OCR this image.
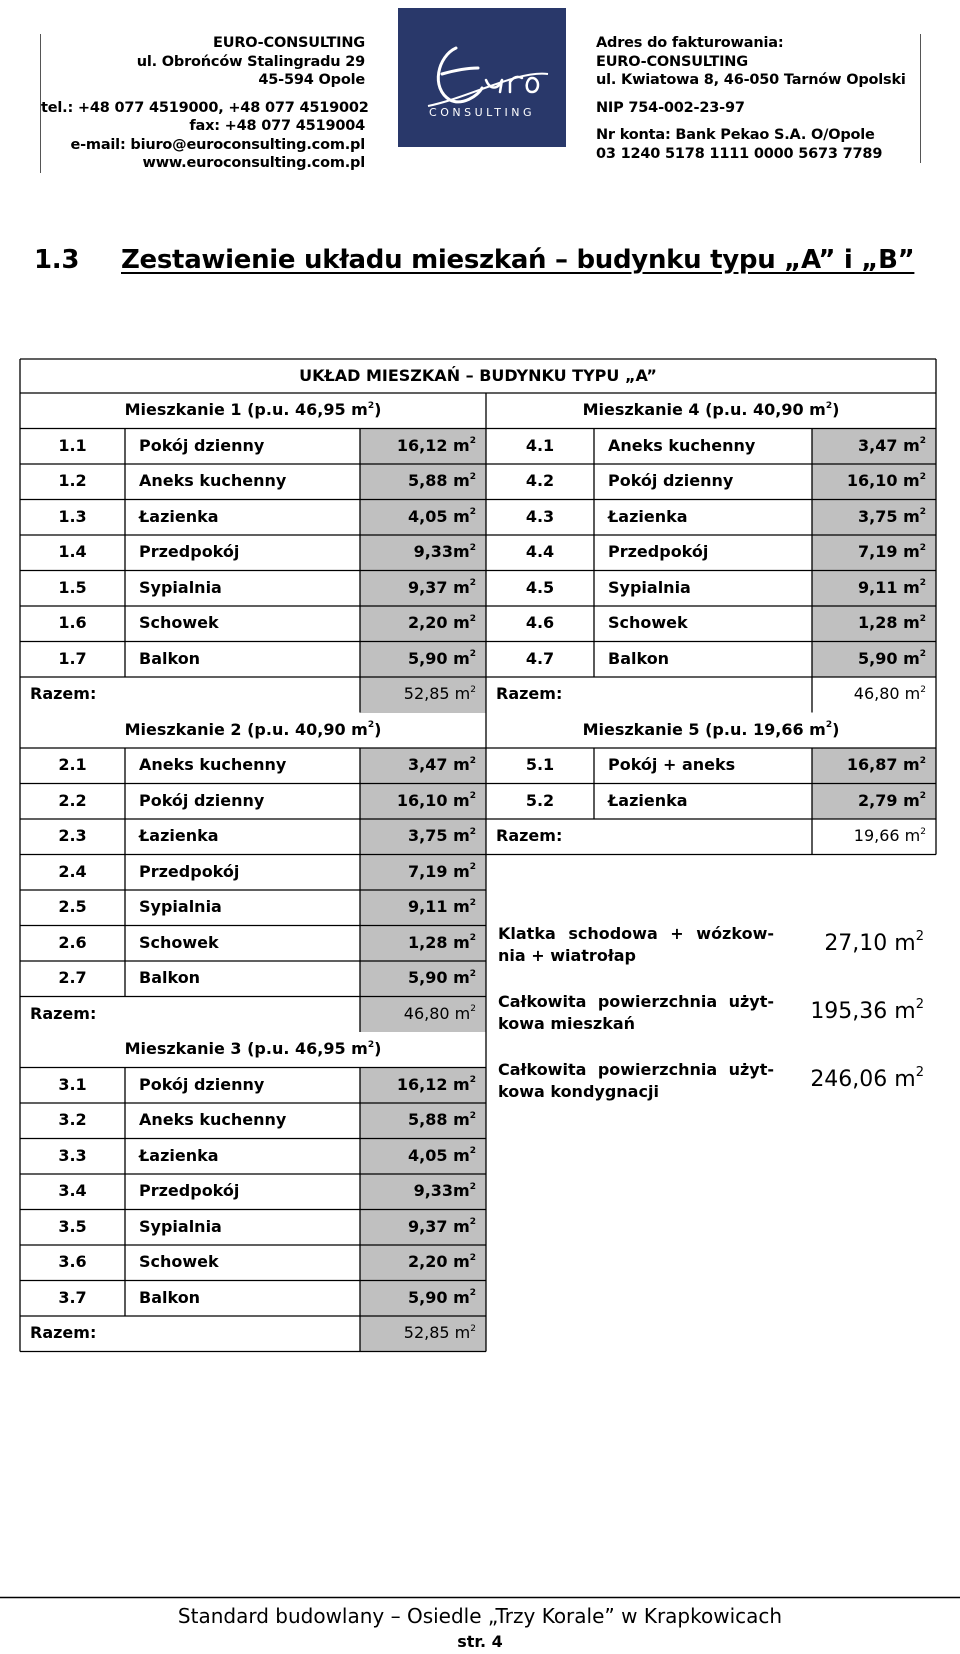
EURO-CONSULTING
ul. Obrońców Stalingradu 29
45-594 Opole
tel.: +48 077 4519000, +48 077 4519002
fax: +48 077 4519004
e-mail: biuro@euroconsulting.com.pl
www.euroconsulting.com.pl
CONSULTING
Adres do fakturowania:
EURO-CONSULTING
ul. Kwiatowa 8, 46-050 Tarnów Opolski
NIP 754-002-23-97
Nr konta: Bank Pekao S.A. O/Opole
03 1240 5178 1111 0000 5673 7789
1.3 Zestawienie układu mieszkań – budynku typu „A” i „B”
UKŁAD MIESZKAŃ – BUDYNKU TYPU „A”
Mieszkanie 1 (p.u. 46,95 $m^2$)
1.1	Pokój dzienny	16,12 $m^2$
1.2	Aneks kuchenny	5,88 $m^2$
1.3	Łazienka	4,05 $m^2$
1.4	Przedpokój	$9,33m^2$
1.5	Sypialnia	9,37 $m^2$
1.6	Schowek	2,20 $m^2$
1.7	Balkon	5,90 $m^2$
Razem:	52,85 $m^2$
Mieszkanie 2 (p.u. 40,90 $m^2$)
2.1	Aneks kuchenny	3,47 $m^2$
2.2	Pokój dzienny	16,10 $m^2$
2.3	Łazienka	3,75 $m^2$
2.4	Przedpokój	7,19 $m^2$
2.5	Sypialnia	9,11 $m^2$
2.6	Schowek	1,28 $m^2$
2.7	Balkon	5,90 $m^2$
Razem:	46,80 $m^2$
Mieszkanie 3 (p.u. 46,95 $m^2$)
3.1	Pokój dzienny	16,12 $m^2$
3.2	Aneks kuchenny	5,88 $m^2$
3.3	Łazienka	4,05 $m^2$
3.4	Przedpokój	$9,33m^2$
3.5	Sypialnia	9,37 $m^2$
3.6	Schowek	2,20 $m^2$
3.7	Balkon	5,90 $m^2$
Razem:	52,85 $m^2$
Mieszkanie 4 (p.u. 40,90 $m^2$)
4.1	Aneks kuchenny	3,47 $m^2$
4.2	Pokój dzienny	16,10 $m^2$
4.3	Łazienka	3,75 $m^2$
4.4	Przedpokój	7,19 $m^2$
4.5	Sypialnia	9,11 $m^2$
4.6	Schowek	1,28 $m^2$
4.7	Balkon	5,90 $m^2$
Razem:	46,80 $m^2$
Mieszkanie 5 (p.u. 19,66 $m^2$)
5.1	Pokój + aneks	16,87 $m^2$
5.2	Łazienka	2,79 $m^2$
Razem:	19,66 $m^2$
Klatka schodowa + wózkow-nia + wiatrołap	27,10 $m^2$
Całkowita powierzchnia użyt-kowa mieszkań	195,36 $m^2$
Całkowita powierzchnia użyt-kowa kondygnacji	246,06 $m^2$
Standard budowlany – Osiedle „Trzy Korale” w Krapkowicach
str. 4
